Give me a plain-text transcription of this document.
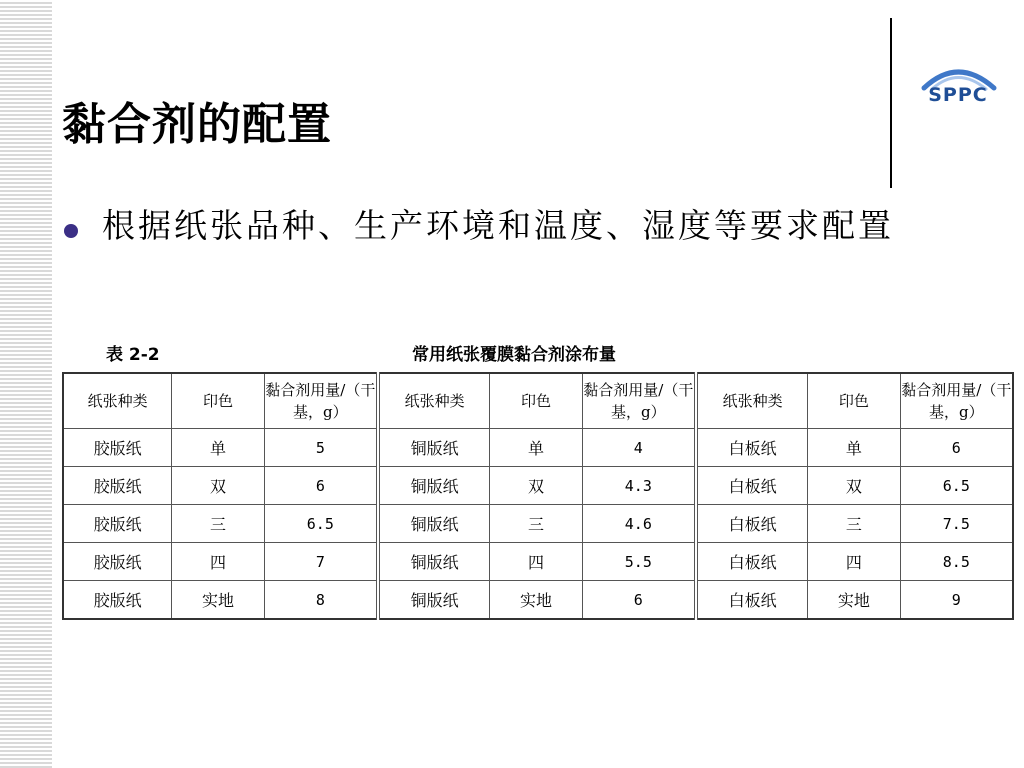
SPPC
黏合剂的配置

根据纸张品种、生产环境和温度、湿度等要求配置

表 2-2	常用纸张覆膜黏合剂涂布量
纸张种类	印色	黏合剂用量/（干基，g）	纸张种类	印色	黏合剂用量/（干基，g）	纸张种类	印色	黏合剂用量/（干基，g）
胶版纸	单	5	铜版纸	单	4	白板纸	单	6
胶版纸	双	6	铜版纸	双	4.3	白板纸	双	6.5
胶版纸	三	6.5	铜版纸	三	4.6	白板纸	三	7.5
胶版纸	四	7	铜版纸	四	5.5	白板纸	四	8.5
胶版纸	实地	8	铜版纸	实地	6	白板纸	实地	9
